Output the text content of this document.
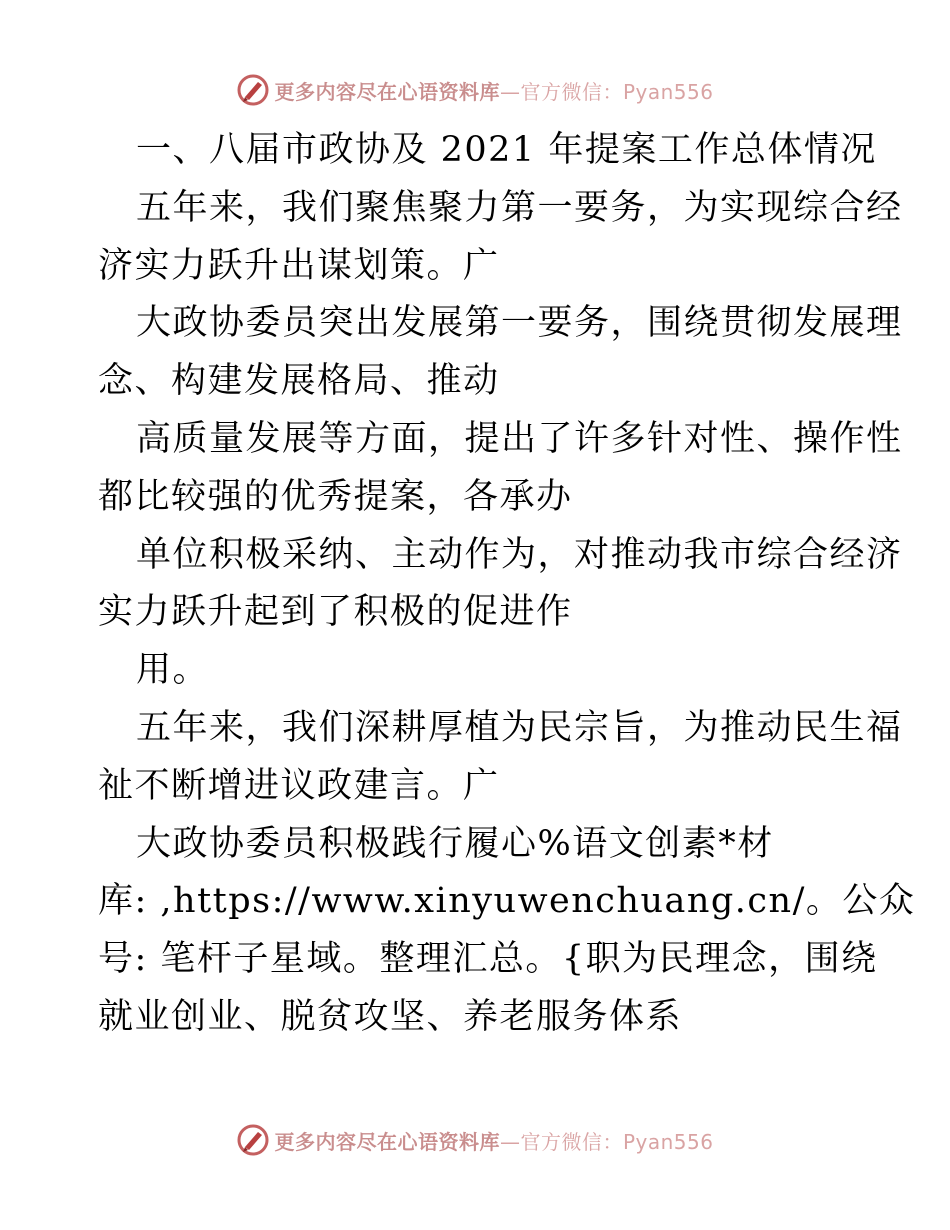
更多内容尽在心语资料库—官方微信：Pyan556
一、八届市政协及 2021 年提案工作总体情况
五年来，我们聚焦聚力第一要务，为实现综合经
济实力跃升出谋划策。广
大政协委员突出发展第一要务，围绕贯彻发展理
念、构建发展格局、推动
高质量发展等方面，提出了许多针对性、操作性
都比较强的优秀提案，各承办
单位积极采纳、主动作为，对推动我市综合经济
实力跃升起到了积极的促进作
用。
五年来，我们深耕厚植为民宗旨，为推动民生福
祉不断增进议政建言。广
大政协委员积极践行履心%语文创素*材
库: ,https://www.xinyuwenchuang.cn/。公众
号: 笔杆子星域。整理汇总。{职为民理念，围绕
就业创业、脱贫攻坚、养老服务体系
更多内容尽在心语资料库—官方微信：Pyan556
